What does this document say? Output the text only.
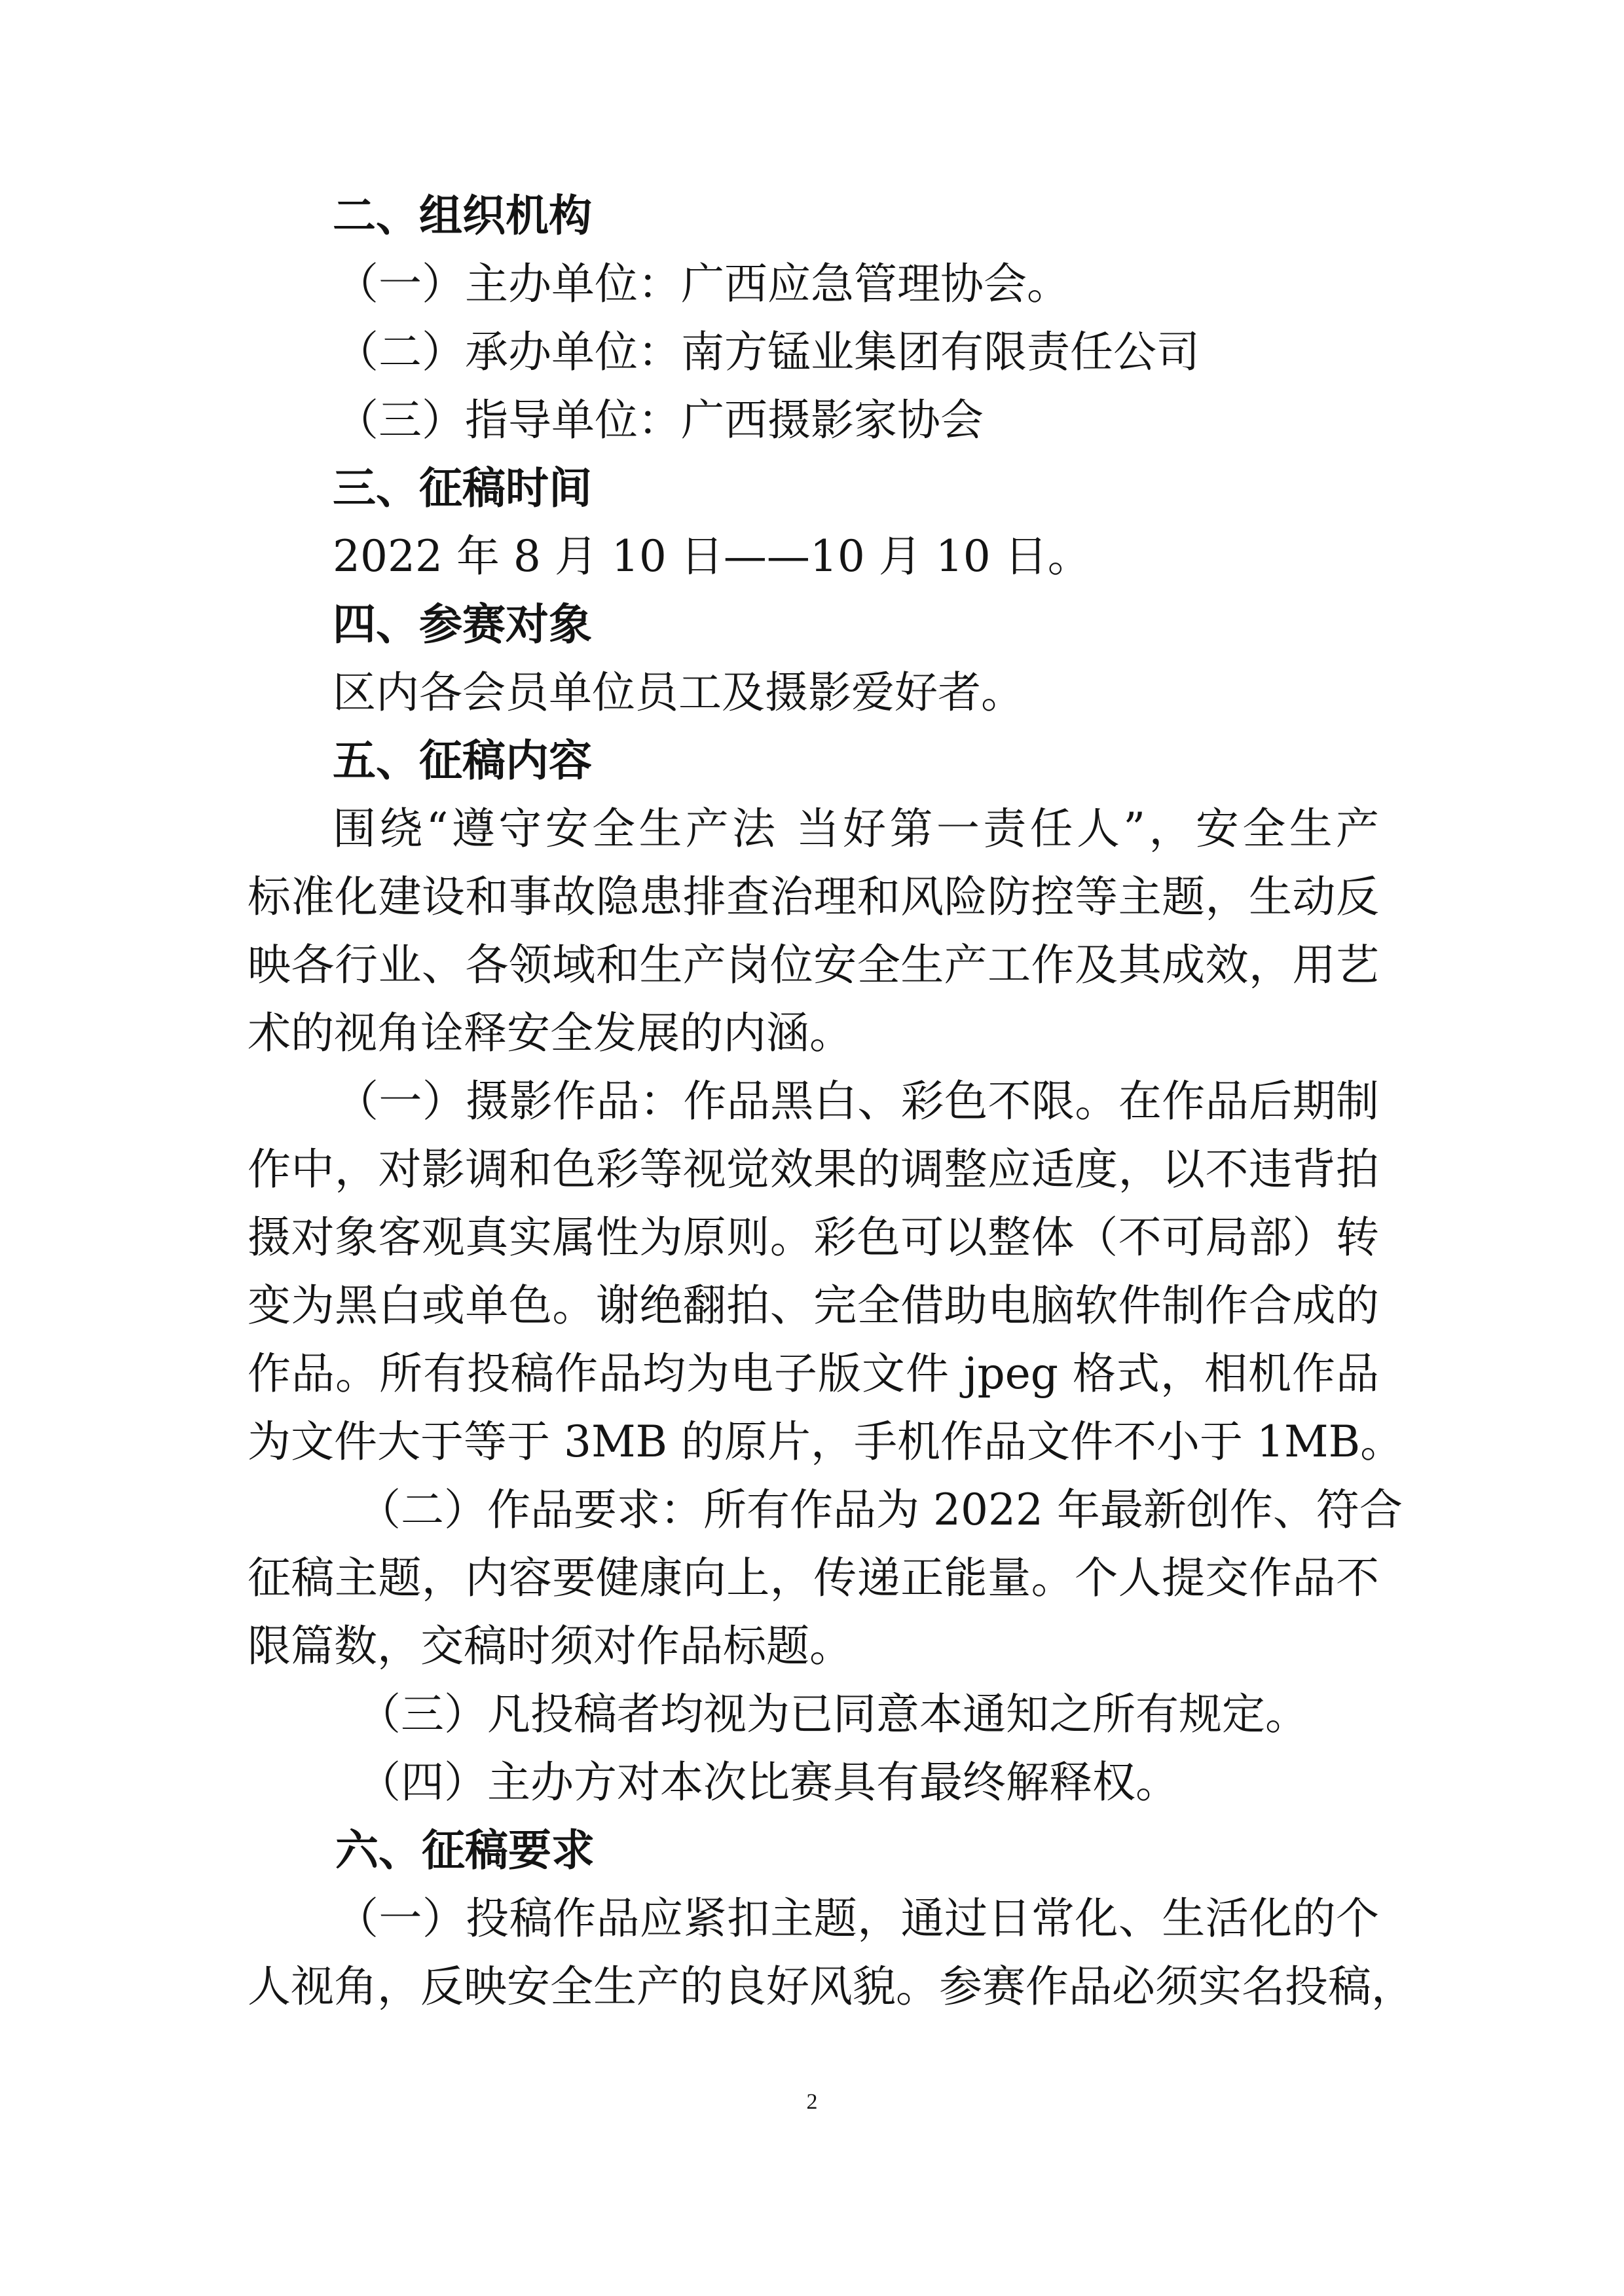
二、组织机构
（一）主办单位：广西应急管理协会。
（二）承办单位：南方锰业集团有限责任公司
（三）指导单位：广西摄影家协会
三、征稿时间
2022 年 8 月 10 日——10 月 10 日。
四、参赛对象
区内各会员单位员工及摄影爱好者。
五、征稿内容
围绕“遵守安全生产法 当好第一责任人”，安全生产
标准化建设和事故隐患排查治理和风险防控等主题，生动反
映各行业、各领域和生产岗位安全生产工作及其成效，用艺
术的视角诠释安全发展的内涵。
（一）摄影作品：作品黑白、彩色不限。在作品后期制
作中，对影调和色彩等视觉效果的调整应适度，以不违背拍
摄对象客观真实属性为原则。彩色可以整体（不可局部）转
变为黑白或单色。谢绝翻拍、完全借助电脑软件制作合成的
作品。所有投稿作品均为电子版文件 jpeg 格式，相机作品
为文件大于等于 3MB 的原片，手机作品文件不小于 1MB。
（二）作品要求：所有作品为 2022 年最新创作、符合
征稿主题，内容要健康向上，传递正能量。个人提交作品不
限篇数，交稿时须对作品标题。
（三）凡投稿者均视为已同意本通知之所有规定。
（四）主办方对本次比赛具有最终解释权。
六、征稿要求
（一）投稿作品应紧扣主题，通过日常化、生活化的个
人视角，反映安全生产的良好风貌。参赛作品必须实名投稿，
2
